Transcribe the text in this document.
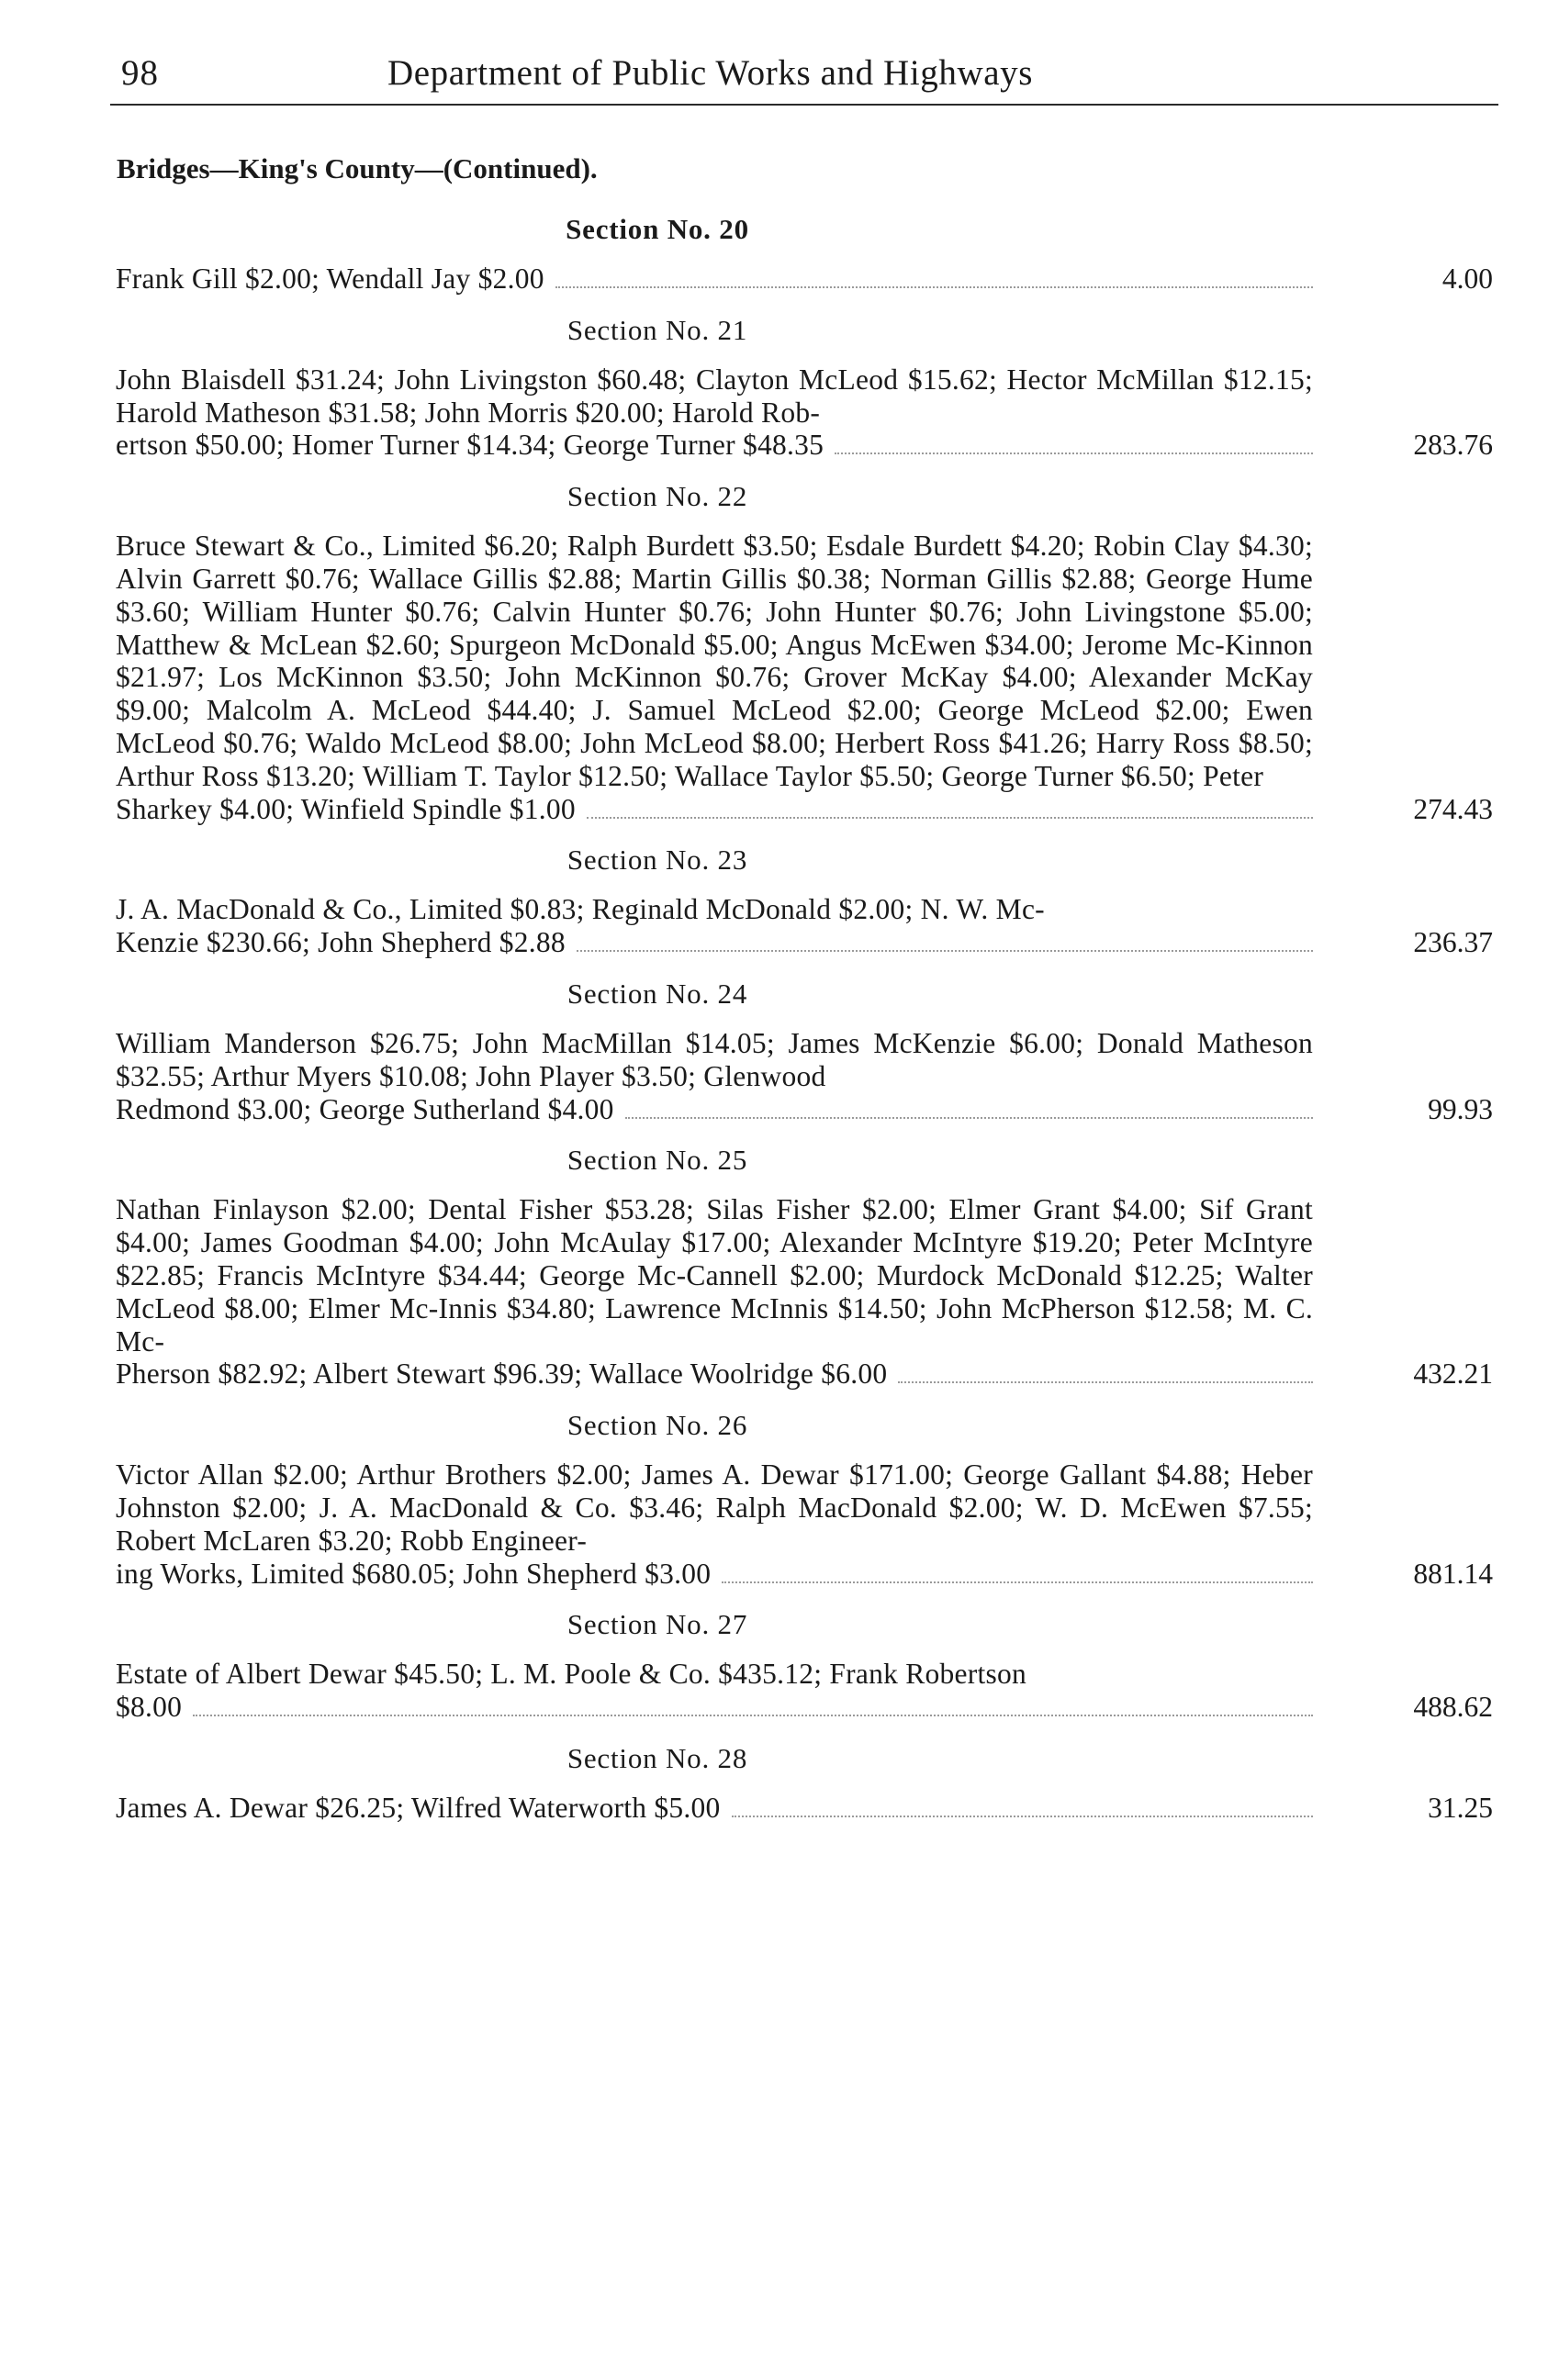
98	Department of Public Works and Highways
Bridges—King's County—(Continued).
Section No. 20
Frank Gill $2.00; Wendall Jay $2.00	4.00
Section No. 21
John Blaisdell $31.24; John Livingston $60.48; Clayton McLeod $15.62; Hector McMillan $12.15; Harold Matheson $31.58; John Morris $20.00; Harold Rob-
ertson $50.00; Homer Turner $14.34; George Turner $48.35	283.76
Section No. 22
Bruce Stewart & Co., Limited $6.20; Ralph Burdett $3.50; Esdale Burdett $4.20; Robin Clay $4.30; Alvin Garrett $0.76; Wallace Gillis $2.88; Martin Gillis $0.38; Norman Gillis $2.88; George Hume $3.60; William Hunter $0.76; Calvin Hunter $0.76; John Hunter $0.76; John Livingstone $5.00; Matthew & McLean $2.60; Spurgeon McDonald $5.00; Angus McEwen $34.00; Jerome Mc-Kinnon $21.97; Los McKinnon $3.50; John McKinnon $0.76; Grover McKay $4.00; Alexander McKay $9.00; Malcolm A. McLeod $44.40; J. Samuel McLeod $2.00; George McLeod $2.00; Ewen McLeod $0.76; Waldo McLeod $8.00; John McLeod $8.00; Herbert Ross $41.26; Harry Ross $8.50; Arthur Ross $13.20; William T. Taylor $12.50; Wallace Taylor $5.50; George Turner $6.50; Peter
Sharkey $4.00; Winfield Spindle $1.00	274.43
Section No. 23
J. A. MacDonald & Co., Limited $0.83; Reginald McDonald $2.00; N. W. Mc-
Kenzie $230.66; John Shepherd $2.88	236.37
Section No. 24
William Manderson $26.75; John MacMillan $14.05; James McKenzie $6.00; Donald Matheson $32.55; Arthur Myers $10.08; John Player $3.50; Glenwood
Redmond $3.00; George Sutherland $4.00	99.93
Section No. 25
Nathan Finlayson $2.00; Dental Fisher $53.28; Silas Fisher $2.00; Elmer Grant $4.00; Sif Grant $4.00; James Goodman $4.00; John McAulay $17.00; Alexander McIntyre $19.20; Peter McIntyre $22.85; Francis McIntyre $34.44; George Mc-Cannell $2.00; Murdock McDonald $12.25; Walter McLeod $8.00; Elmer Mc-Innis $34.80; Lawrence McInnis $14.50; John McPherson $12.58; M. C. Mc-
Pherson $82.92; Albert Stewart $96.39; Wallace Woolridge $6.00	432.21
Section No. 26
Victor Allan $2.00; Arthur Brothers $2.00; James A. Dewar $171.00; George Gallant $4.88; Heber Johnston $2.00; J. A. MacDonald & Co. $3.46; Ralph MacDonald $2.00; W. D. McEwen $7.55; Robert McLaren $3.20; Robb Engineer-
ing Works, Limited $680.05; John Shepherd $3.00	881.14
Section No. 27
Estate of Albert Dewar $45.50; L. M. Poole & Co. $435.12; Frank Robertson
$8.00	488.62
Section No. 28
James A. Dewar $26.25; Wilfred Waterworth $5.00	31.25
